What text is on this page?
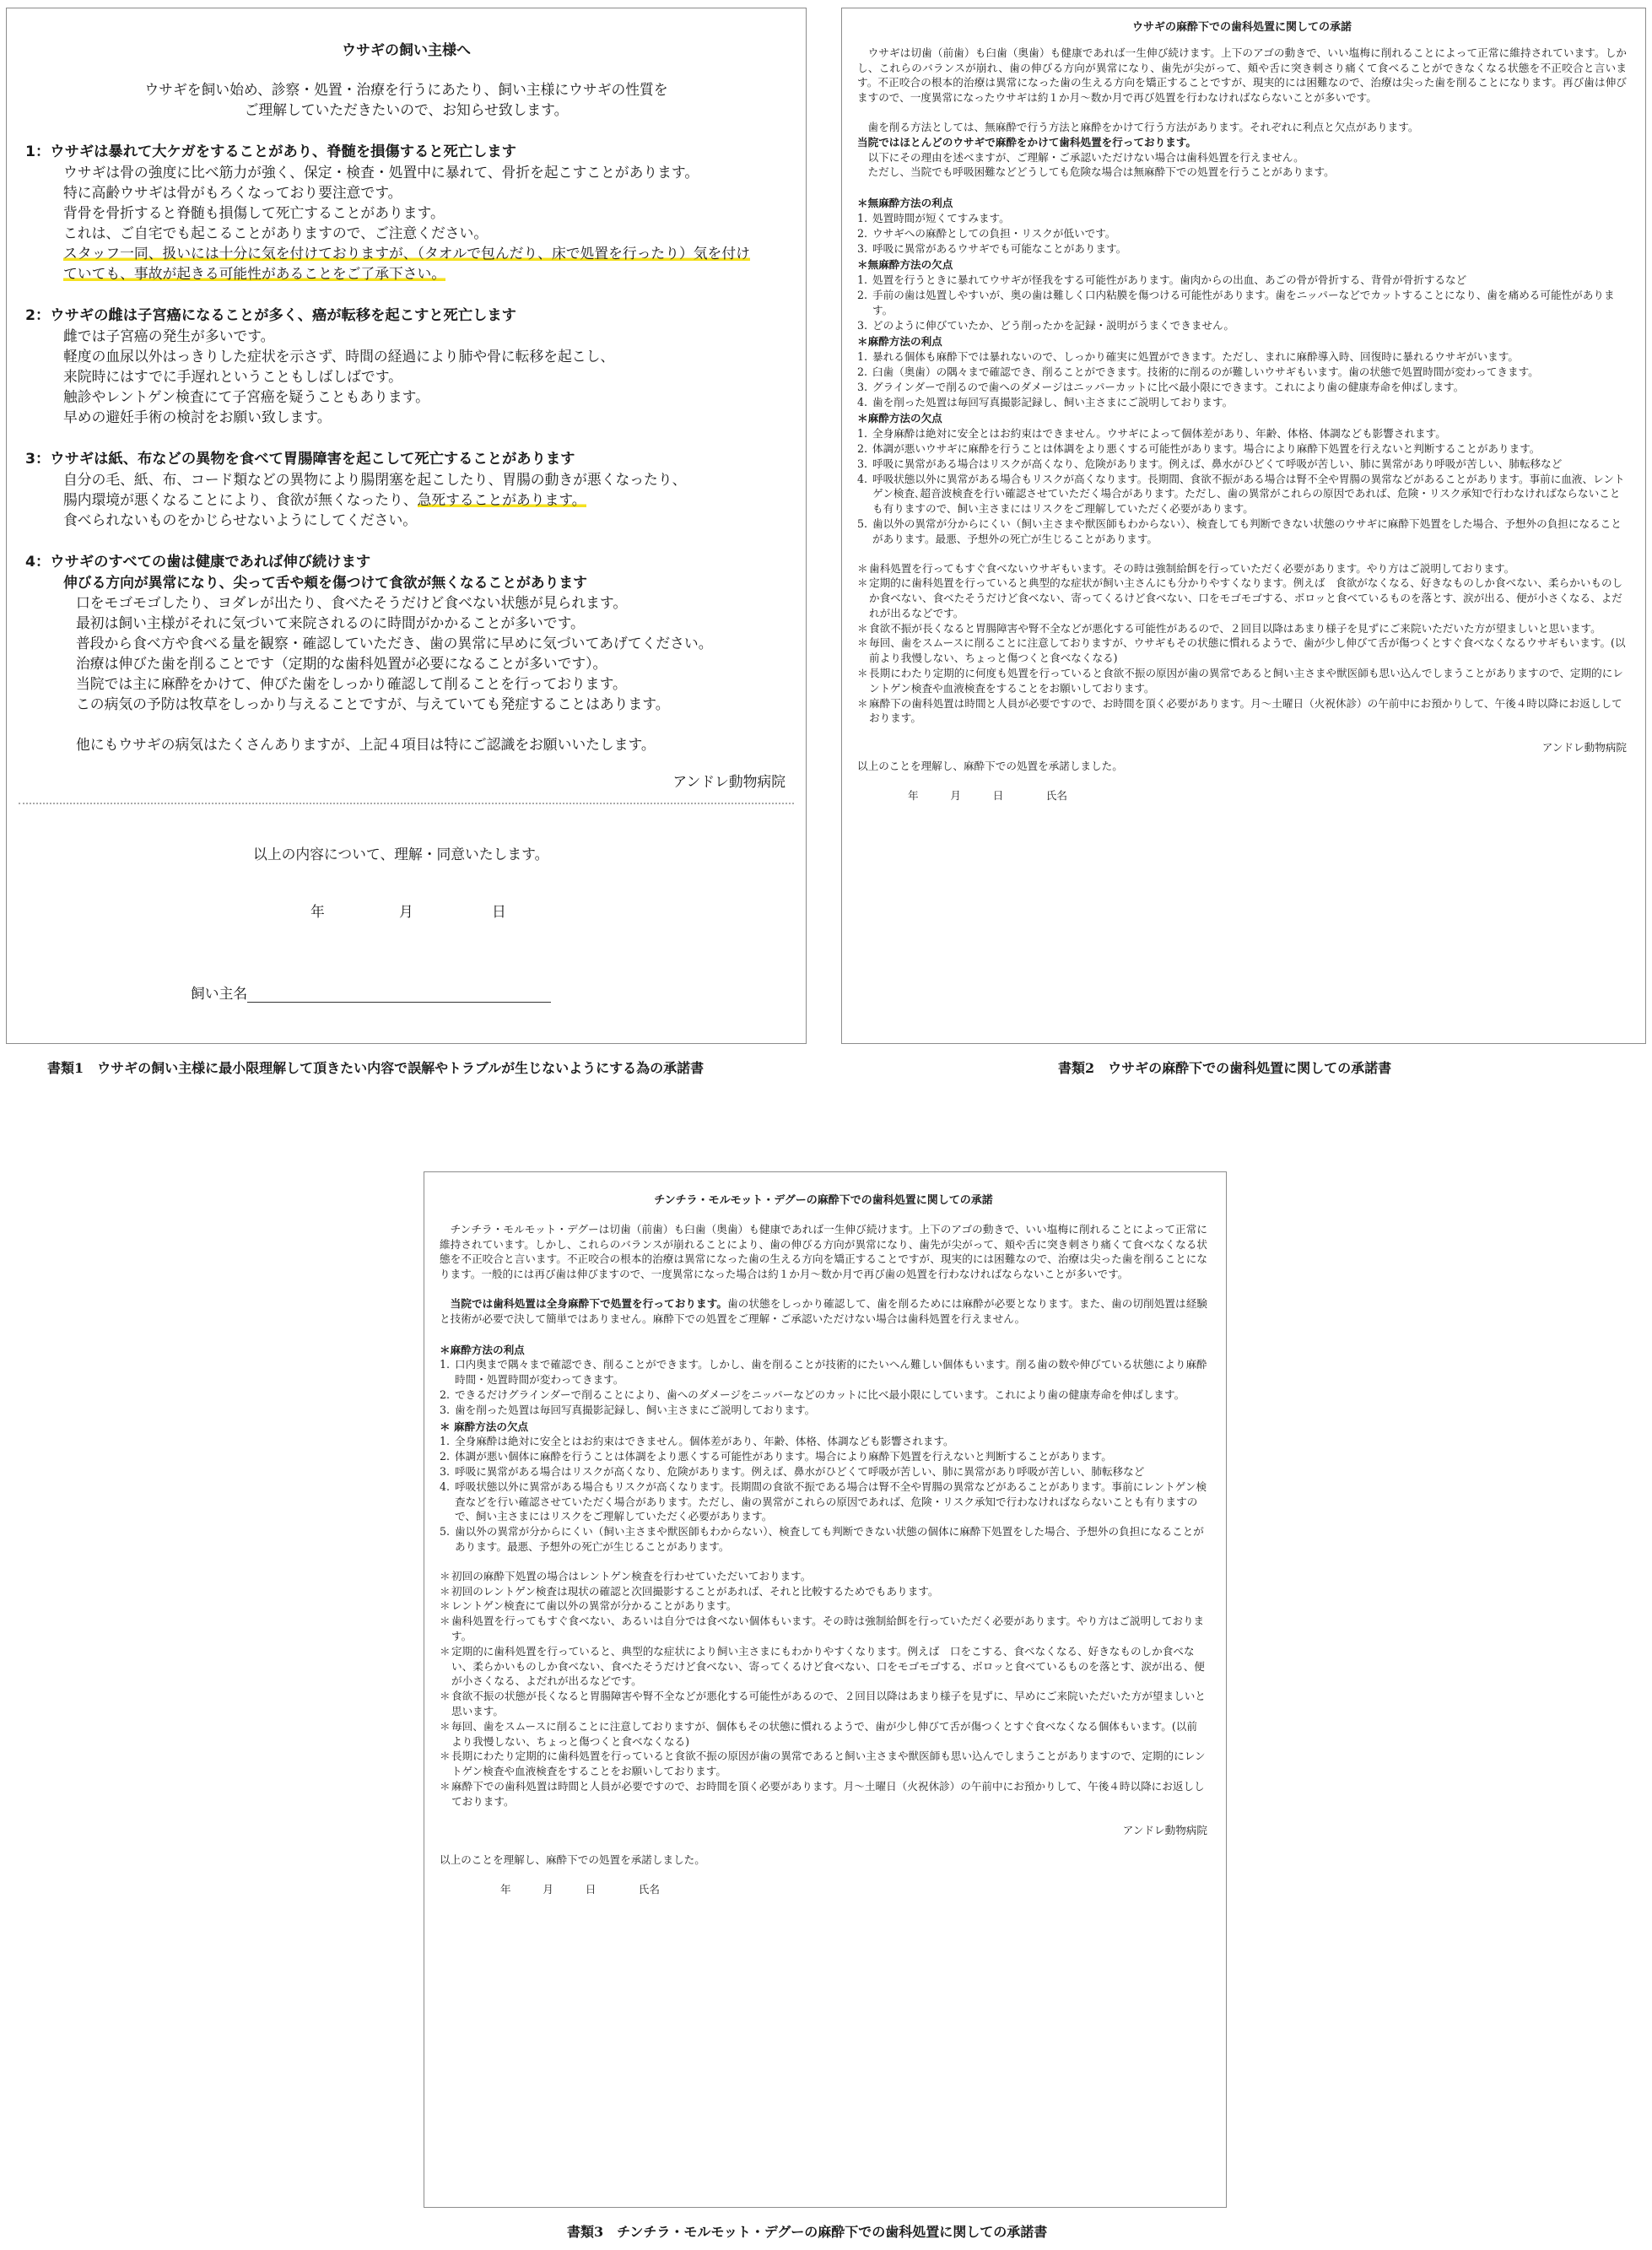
ウサギの飼い主様へ
ウサギを飼い始め、診察・処置・治療を行うにあたり、飼い主様にウサギの性質を
ご理解していただきたいので、お知らせ致します。
1：ウサギは暴れて大ケガをすることがあり、脊髄を損傷すると死亡します
ウサギは骨の強度に比べ筋力が強く、保定・検査・処置中に暴れて、骨折を起こすことがあります。
特に高齢ウサギは骨がもろくなっており要注意です。
背骨を骨折すると脊髄も損傷して死亡することがあります。
これは、ご自宅でも起こることがありますので、ご注意ください。
スタッフ一同、扱いには十分に気を付けておりますが、（タオルで包んだり、床で処置を行ったり）気を付け
ていても、事故が起きる可能性があることをご了承下さい。
2：ウサギの雌は子宮癌になることが多く、癌が転移を起こすと死亡します
雌では子宮癌の発生が多いです。
軽度の血尿以外はっきりした症状を示さず、時間の経過により肺や骨に転移を起こし、
来院時にはすでに手遅れということもしばしばです。
触診やレントゲン検査にて子宮癌を疑うこともあります。
早めの避妊手術の検討をお願い致します。
3：ウサギは紙、布などの異物を食べて胃腸障害を起こして死亡することがあります
自分の毛、紙、布、コード類などの異物により腸閉塞を起こしたり、胃腸の動きが悪くなったり、
腸内環境が悪くなることにより、食欲が無くなったり、急死することがあります。
食べられないものをかじらせないようにしてください。
4：ウサギのすべての歯は健康であれば伸び続けます
伸びる方向が異常になり、尖って舌や頬を傷つけて食欲が無くなることがあります
口をモゴモゴしたり、ヨダレが出たり、食べたそうだけど食べない状態が見られます。
最初は飼い主様がそれに気づいて来院されるのに時間がかかることが多いです。
普段から食べ方や食べる量を観察・確認していただき、歯の異常に早めに気づいてあげてください。
治療は伸びた歯を削ることです（定期的な歯科処置が必要になることが多いです）。
当院では主に麻酔をかけて、伸びた歯をしっかり確認して削ることを行っております。
この病気の予防は牧草をしっかり与えることですが、与えていても発症することはあります。
他にもウサギの病気はたくさんありますが、上記４項目は特にご認識をお願いいたします。
アンドレ動物病院
以上の内容について、理解・同意いたします。
年	月	日
飼い主名
ウサギの麻酔下での歯科処置に関しての承諾
ウサギは切歯（前歯）も臼歯（奥歯）も健康であれば一生伸び続けます。上下のアゴの動きで、いい塩梅に削れることによって正常に維持されています。しかし、これらのバランスが崩れ、歯の伸びる方向が異常になり、歯先が尖がって、頬や舌に突き刺さり痛くて食べることができなくなる状態を不正咬合と言います。不正咬合の根本的治療は異常になった歯の生える方向を矯正することですが、現実的には困難なので、治療は尖った歯を削ることになります。再び歯は伸びますので、一度異常になったウサギは約１か月～数か月で再び処置を行わなければならないことが多いです。
歯を削る方法としては、無麻酔で行う方法と麻酔をかけて行う方法があります。それぞれに利点と欠点があります。
当院ではほとんどのウサギで麻酔をかけて歯科処置を行っております。
以下にその理由を述べますが、ご理解・ご承認いただけない場合は歯科処置を行えません。
ただし、当院でも呼吸困難などどうしても危険な場合は無麻酔下での処置を行うことがあります。
＊無麻酔方法の利点
1. 処置時間が短くてすみます。
2. ウサギへの麻酔としての負担・リスクが低いです。
3. 呼吸に異常があるウサギでも可能なことがあります。
＊無麻酔方法の欠点
1. 処置を行うときに暴れてウサギが怪我をする可能性があります。歯肉からの出血、あごの骨が骨折する、背骨が骨折するなど
2. 手前の歯は処置しやすいが、奥の歯は難しく口内粘膜を傷つける可能性があります。歯をニッパーなどでカットすることになり、歯を痛める可能性があります。
3. どのように伸びていたか、どう削ったかを記録・説明がうまくできません。
＊麻酔方法の利点
1. 暴れる個体も麻酔下では暴れないので、しっかり確実に処置ができます。ただし、まれに麻酔導入時、回復時に暴れるウサギがいます。
2. 臼歯（奥歯）の隅々まで確認でき、削ることができます。技術的に削るのが難しいウサギもいます。歯の状態で処置時間が変わってきます。
3. グラインダーで削るので歯へのダメージはニッパーカットに比べ最小限にできます。これにより歯の健康寿命を伸ばします。
4. 歯を削った処置は毎回写真撮影記録し、飼い主さまにご説明しております。
＊麻酔方法の欠点
1. 全身麻酔は絶対に安全とはお約束はできません。ウサギによって個体差があり、年齢、体格、体調なども影響されます。
2. 体調が悪いウサギに麻酔を行うことは体調をより悪くする可能性があります。場合により麻酔下処置を行えないと判断することがあります。
3. 呼吸に異常がある場合はリスクが高くなり、危険があります。例えば、鼻水がひどくて呼吸が苦しい、肺に異常があり呼吸が苦しい、肺転移など
4. 呼吸状態以外に異常がある場合もリスクが高くなります。長期間、食欲不振がある場合は腎不全や胃腸の異常などがあることがあります。事前に血液、レントゲン検査､超音波検査を行い確認させていただく場合があります。ただし、歯の異常がこれらの原因であれば、危険・リスク承知で行わなければならないことも有りますので、飼い主さまにはリスクをご理解していただく必要があります。
5. 歯以外の異常が分からにくい（飼い主さまや獣医師もわからない）、検査しても判断できない状態のウサギに麻酔下処置をした場合、予想外の負担になることがあります。最悪、予想外の死亡が生じることがあります。
＊ 歯科処置を行ってもすぐ食べないウサギもいます。その時は強制給餌を行っていただく必要があります。やり方はご説明しております。
＊ 定期的に歯科処置を行っていると典型的な症状が飼い主さんにも分かりやすくなります。例えば　食欲がなくなる、好きなものしか食べない、柔らかいものしか食べない、食べたそうだけど食べない、寄ってくるけど食べない、口をモゴモゴする、ボロッと食べているものを落とす、涙が出る、便が小さくなる、よだれが出るなどです。
＊ 食欲不振が長くなると胃腸障害や腎不全などが悪化する可能性があるので、２回目以降はあまり様子を見ずにご来院いただいた方が望ましいと思います。
＊ 毎回、歯をスムースに削ることに注意しておりますが、ウサギもその状態に慣れるようで、歯が少し伸びて舌が傷つくとすぐ食べなくなるウサギもいます。(以前より我慢しない、ちょっと傷つくと食べなくなる)
＊ 長期にわたり定期的に何度も処置を行っていると食欲不振の原因が歯の異常であると飼い主さまや獣医師も思い込んでしまうことがありますので、定期的にレントゲン検査や血液検査をすることをお願いしております。
＊ 麻酔下の歯科処置は時間と人員が必要ですので、お時間を頂く必要があります。月～土曜日（火祝休診）の午前中にお預かりして、午後４時以降にお返ししております。
アンドレ動物病院
以上のことを理解し、麻酔下での処置を承諾しました。
年　　　月　　　日　　　　氏名
チンチラ・モルモット・デグーの麻酔下での歯科処置に関しての承諾
チンチラ・モルモット・デグーは切歯（前歯）も臼歯（奥歯）も健康であれば一生伸び続けます。上下のアゴの動きで、いい塩梅に削れることによって正常に維持されています。しかし、これらのバランスが崩れることにより、歯の伸びる方向が異常になり、歯先が尖がって、頬や舌に突き刺さり痛くて食べなくなる状態を不正咬合と言います。不正咬合の根本的治療は異常になった歯の生える方向を矯正することですが、現実的には困難なので、治療は尖った歯を削ることになります。一般的には再び歯は伸びますので、一度異常になった場合は約１か月～数か月で再び歯の処置を行わなければならないことが多いです。
当院では歯科処置は全身麻酔下で処置を行っております。歯の状態をしっかり確認して、歯を削るためには麻酔が必要となります。また、歯の切削処置は経験と技術が必要で決して簡単ではありません。麻酔下での処置をご理解・ご承認いただけない場合は歯科処置を行えません。
＊麻酔方法の利点
1. 口内奥まで隅々まで確認でき、削ることができます。しかし、歯を削ることが技術的にたいへん難しい個体もいます。削る歯の数や伸びている状態により麻酔時間・処置時間が変わってきます。
2. できるだけグラインダーで削ることにより、歯へのダメージをニッパーなどのカットに比べ最小限にしています。これにより歯の健康寿命を伸ばします。
3. 歯を削った処置は毎回写真撮影記録し、飼い主さまにご説明しております。
＊ 麻酔方法の欠点
1. 全身麻酔は絶対に安全とはお約束はできません。個体差があり、年齢、体格、体調なども影響されます。
2. 体調が悪い個体に麻酔を行うことは体調をより悪くする可能性があります。場合により麻酔下処置を行えないと判断することがあります。
3. 呼吸に異常がある場合はリスクが高くなり、危険があります。例えば、鼻水がひどくて呼吸が苦しい、肺に異常があり呼吸が苦しい、肺転移など
4. 呼吸状態以外に異常がある場合もリスクが高くなります。長期間の食欲不振である場合は腎不全や胃腸の異常などがあることがあります。事前にレントゲン検査などを行い確認させていただく場合があります。ただし、歯の異常がこれらの原因であれば、危険・リスク承知で行わなければならないことも有りますので、飼い主さまにはリスクをご理解していただく必要があります。
5. 歯以外の異常が分からにくい（飼い主さまや獣医師もわからない）、検査しても判断できない状態の個体に麻酔下処置をした場合、予想外の負担になることがあります。最悪、予想外の死亡が生じることがあります。
＊ 初回の麻酔下処置の場合はレントゲン検査を行わせていただいております。
＊ 初回のレントゲン検査は現状の確認と次回撮影することがあれば、それと比較するためでもあります。
＊ レントゲン検査にて歯以外の異常が分かることがあります。
＊ 歯科処置を行ってもすぐ食べない、あるいは自分では食べない個体もいます。その時は強制給餌を行っていただく必要があります。やり方はご説明しております。
＊ 定期的に歯科処置を行っていると、典型的な症状により飼い主さまにもわかりやすくなります。例えば　口をこする、食べなくなる、好きなものしか食べない、柔らかいものしか食べない、食べたそうだけど食べない、寄ってくるけど食べない、口をモゴモゴする、ボロッと食べているものを落とす、涙が出る、便が小さくなる、よだれが出るなどです。
＊ 食欲不振の状態が長くなると胃腸障害や腎不全などが悪化する可能性があるので、２回目以降はあまり様子を見ずに、早めにご来院いただいた方が望ましいと思います。
＊ 毎回、歯をスムースに削ることに注意しておりますが、個体もその状態に慣れるようで、歯が少し伸びて舌が傷つくとすぐ食べなくなる個体もいます。(以前より我慢しない、ちょっと傷つくと食べなくなる)
＊ 長期にわたり定期的に歯科処置を行っていると食欲不振の原因が歯の異常であると飼い主さまや獣医師も思い込んでしまうことがありますので、定期的にレントゲン検査や血液検査をすることをお願いしております。
＊ 麻酔下での歯科処置は時間と人員が必要ですので、お時間を頂く必要があります。月～土曜日（火祝休診）の午前中にお預かりして、午後４時以降にお返ししております。
アンドレ動物病院
以上のことを理解し、麻酔下での処置を承諾しました。
年　　　月　　　日　　　　氏名
書類1　ウサギの飼い主様に最小限理解して頂きたい内容で誤解やトラブルが生じないようにする為の承諾書	書類2　ウサギの麻酔下での歯科処置に関しての承諾書
書類3　チンチラ・モルモット・デグーの麻酔下での歯科処置に関しての承諾書
